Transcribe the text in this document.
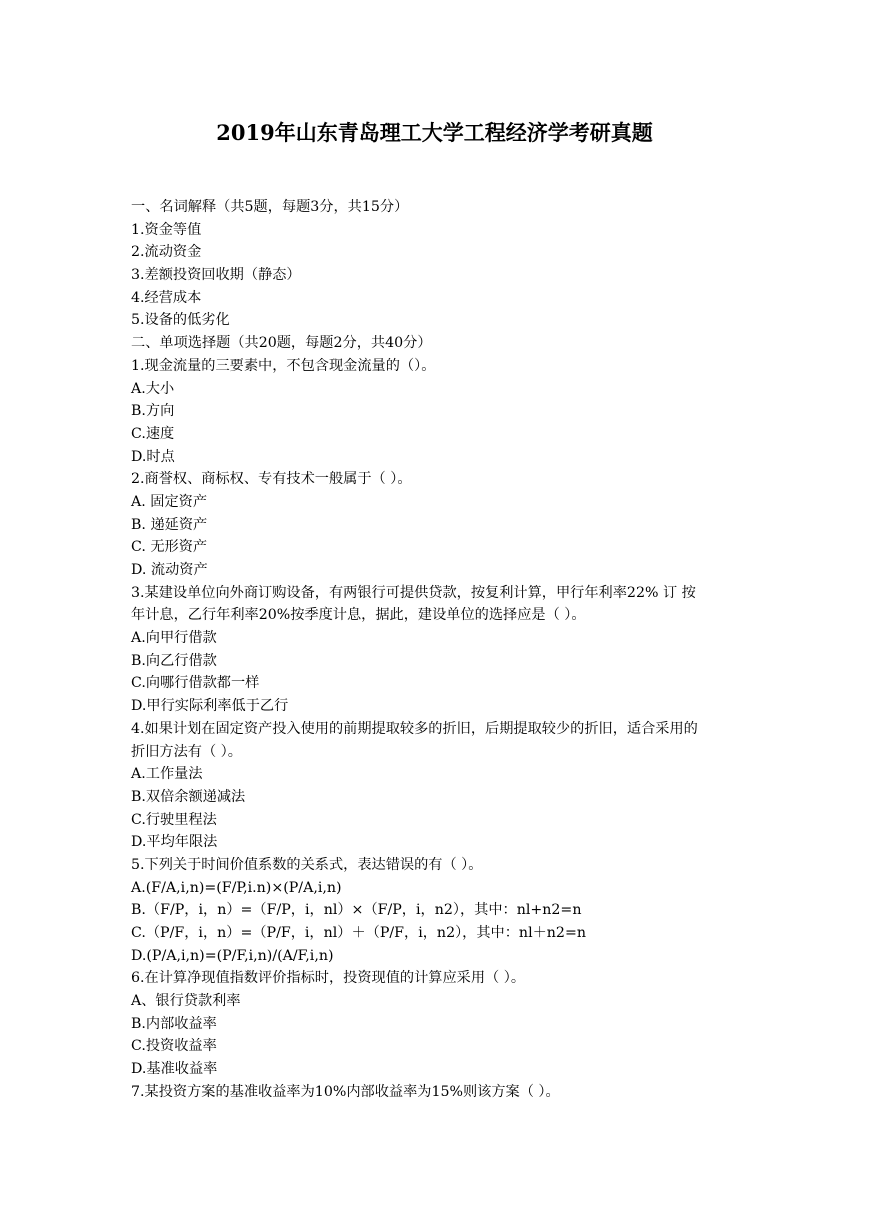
2019年山东青岛理工大学工程经济学考研真题
一、名词解释（共5题，每题3分，共15分）
1.资金等值
2.流动资金
3.差额投资回收期（静态）
4.经营成本
5.设备的低劣化
二、单项选择题（共20题，每题2分，共40分）
1.现金流量的三要素中，不包含现金流量的（）。
A.大小
B.方向
C.速度
D.时点
2.商誉权、商标权、专有技术一般属于（ ）。
A. 固定资产
B. 递延资产
C. 无形资产
D. 流动资产
3.某建设单位向外商订购设备，有两银行可提供贷款，按复利计算，甲行年利率22% 订 按
年计息，乙行年利率20%按季度计息，据此，建设单位的选择应是（ ）。
A.向甲行借款
B.向乙行借款
C.向哪行借款都一样
D.甲行实际利率低于乙行
4.如果计划在固定资产投入使用的前期提取较多的折旧，后期提取较少的折旧，适合采用的
折旧方法有（ ）。
A.工作量法
B.双倍余额递减法
C.行驶里程法
D.平均年限法
5.下列关于时间价值系数的关系式，表达错误的有（ ）。
A.(F/A,i,n)=(F/P,i.n)×(P/A,i,n)
B.（F/P，i，n）=（F/P，i，nl）×（F/P，i，n2），其中：nl+n2=n
C.（P/F，i，n）=（P/F，i，nl）＋（P/F，i，n2），其中：nl＋n2=n
D.(P/A,i,n)=(P/F,i,n)/(A/F,i,n)
6.在计算净现值指数评价指标时，投资现值的计算应采用（ ）。
A、银行贷款利率
B.内部收益率
C.投资收益率
D.基准收益率
7.某投资方案的基准收益率为10%内部收益率为15%则该方案（ ）。
